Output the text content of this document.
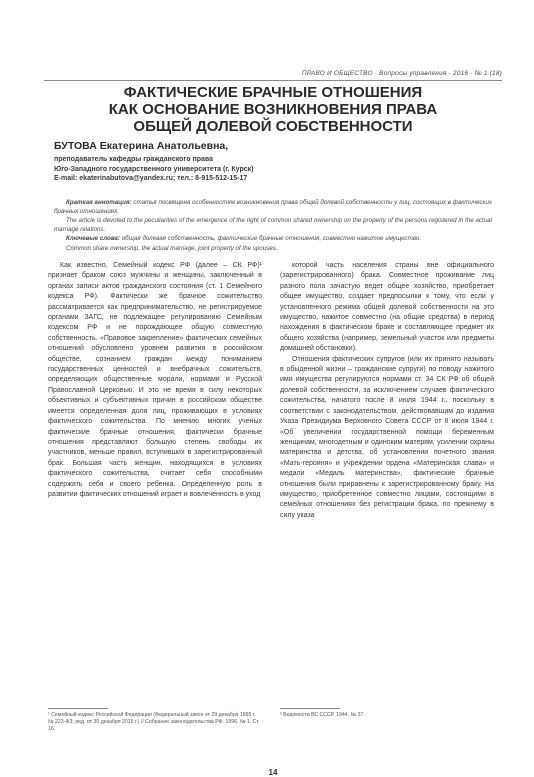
ПРАВО И ОБЩЕСТВО · Вопросы управления · 2016 · № 1 (18)
ФАКТИЧЕСКИЕ БРАЧНЫЕ ОТНОШЕНИЯ
КАК ОСНОВАНИЕ ВОЗНИКНОВЕНИЯ ПРАВА
ОБЩЕЙ ДОЛЕВОЙ СОБСТВЕННОСТИ
БУТОВА Екатерина Анатольевна,
преподаватель кафедры гражданского права
Юго-Западного государственного университета (г. Курск)
E-mail: ekaterinabutova@yandex.ru; тел.: 8-915-512-15-17

Краткая аннотация: статья посвящена особенностям возникновения права общей долевой собственности у лиц, состоящих в фактических брачных отношениях.

The article is devoted to the peculiarities of the emergence of the right of common shared ownership on the property of the persons registered in the actual marriage relations.

Ключевые слова: общая долевая собственность, фактические брачные отношения, совместно нажитое имущество.

Common share ownership, the actual marriage, joint property of the spouses.

Как известно, Семейный кодекс РФ (далее – СК РФ)¹ признает браком союз мужчины и женщины, заключенный в органах записи актов гражданского состояния (ст. 1 Семейного кодекса РФ). Фактически же брачное сожительство рассматривается как предпринимательство, не регистрируемое органами ЗАГС, не подлежащее регулированию Семейным кодексом РФ и не порождающее общую совместную собственность. «Правовое закрепление» фактических семейных отношений обусловлено уровнем развития в российском обществе, сознанием граждан между пониманием государственных ценностей и внебрачных сожительств, определяющих общественные морали, нормами и Русской Православной Церковью. И это не время в силу некоторых объективных и субъективных причин в российском обществе имеется определенная доля лиц, проживающих в условиях фактического сожительства. По мнению многих ученых фактические брачные отношения, фактически брачные отношения представляют большую степень свободы их участников, меньше правил, вступивших в зарегистрированный брак. Большая часть женщин, находящихся в условиях фактического сожительства, считает себя способными содержать себя и своего ребенка. Определенную роль в развитии фактических отношений играет и вовлеченность в уход

которой часть населения страны вне официального (зарегистрированного) брака. Совместное проживание лиц разного пола зачастую ведет общее хозяйство, приобретает общее имущество, создает предпосылки к тому, что если у установленного режима общей долевой собственности на это имущество, нажитое совместно (на общие средства) в период нахождения в фактическом браке и составляющее предмет их общего хозяйства (например, земельный участок или предметы домашней обстановки).

Отношения фактических супругов (или их принято называть в обыденной жизни – гражданские супруги) по поводу нажитого ими имущества регулируются нормами ст. 34 СК РФ об общей долевой собственности, за исключением случаев фактического сожительства, начатого после 8 июля 1944 г., поскольку в соответствии с законодательством, действовавшим до издания Указа Президиума Верховного Совета СССР от 8 июля 1944 г. «Об увеличении государственной помощи беременным женщинам, многодетным и одиноким матерям, усилении охраны материнства и детства, об установлении почетного звания «Мать-героиня» и учреждении ордена «Материнская слава» и медали «Медаль материнства», фактические брачные отношения были приравнены к зарегистрированному браку. На имущество, приобретенное совместно лицами, состоящими в семейных отношениях без регистрации брака, по прежнему в силу указа

¹ Семейный кодекс Российской Федерации (Федеральный закон от 29 декабря 1995 г. № 223-ФЗ; ред. от 30 декабря 2015 г.) // Собрание законодательства РФ. 1996. № 1. Ст. 16.
² Ведомости ВС СССР. 1944. № 37.
14
